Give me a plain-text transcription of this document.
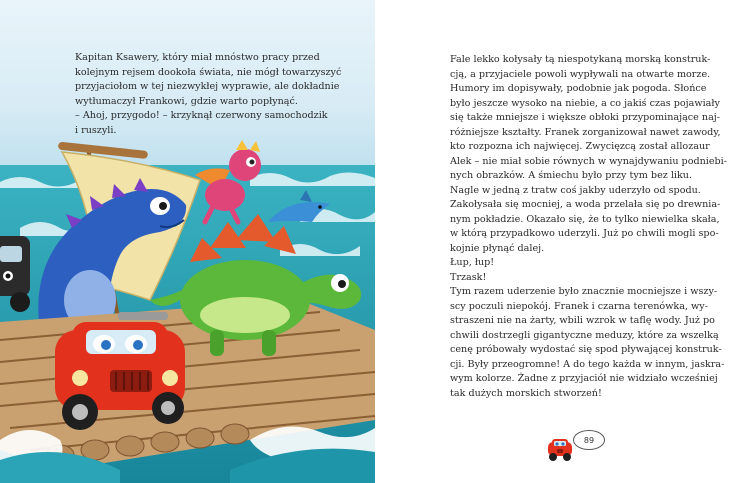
Kapitan Ksawery, który miał mnóstwo pracy przed
kolejnym rejsem dookoła świata, nie mógł towarzyszyć
przyjaciołom w tej niezwykłej wyprawie, ale dokładnie
wytłumaczył Frankowi, gdzie warto popłynąć.

– Ahoj, przygodo! – krzyknął czerwony samochodzik
i ruszyli.

Fale lekko kołysały tą niespotykaną morską konstruk-
cją, a przyjaciele powoli wypływali na otwarte morze.
Humory im dopisywały, podobnie jak pogoda. Słońce
było jeszcze wysoko na niebie, a co jakiś czas pojawiały
się także mniejsze i większe obłoki przypominające naj-
różniejsze kształty. Franek zorganizował nawet zawody,
kto rozpozna ich najwięcej. Zwycięzcą został allozaur
Alek – nie miał sobie równych w wynajdywaniu podniebi-
nych obrazków. A śmiechu było przy tym bez liku.

Nagle w jedną z tratw coś jakby uderzyło od spodu.
Zakołysała się mocniej, a woda przelała się po drewnia-
nym pokładzie. Okazało się, że to tylko niewielka skała,
w którą przypadkowo uderzyli. Już po chwili mogli spo-
kojnie płynąć dalej.

Łup, łup!

Trzask!

Tym razem uderzenie było znacznie mocniejsze i wszy-
scy poczuli niepokój. Franek i czarna terenówka, wy-
straszeni nie na żarty, wbili wzrok w taflę wody. Już po
chwili dostrzegli gigantyczne meduzy, które za wszelką
cenę próbowały wydostać się spod pływającej konstruk-
cji. Były przeogromne! A do tego każda w innym, jaskra-
wym kolorze. Żadne z przyjaciół nie widziało wcześniej
tak dużych morskich stworzeń!

89
